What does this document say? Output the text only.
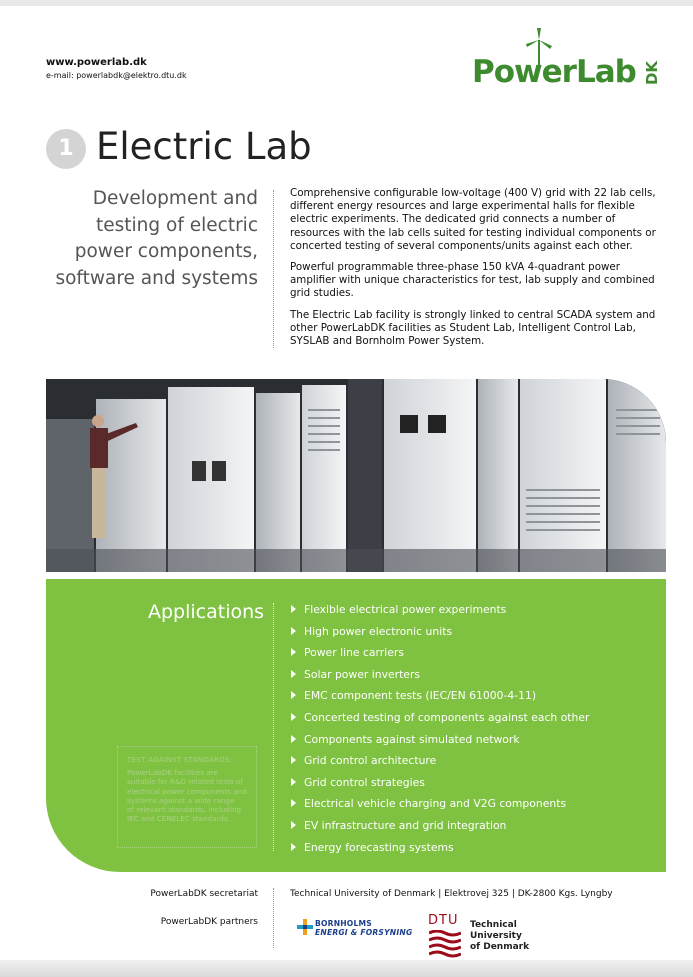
www.powerlab.dk
e-mail: powerlabdk@elektro.dtu.dk	PowerLab DK
1 Electric Lab
Development and testing of electric power components, software and systems

Comprehensive configurable low-voltage (400 V) grid with 22 lab cells, different energy resources and large experimental halls for flexible electric experiments. The dedicated grid connects a number of resources with the lab cells suited for testing individual components or concerted testing of several components/units against each other.

Powerful programmable three-phase 150 kVA 4-quadrant power amplifier with unique characteristics for test, lab supply and combined grid studies.

The Electric Lab facility is strongly linked to central SCADA system and other PowerLabDK facilities as Student Lab, Intelligent Control Lab, SYSLAB and Bornholm Power System.

Applications	Flexible electrical power experiments
High power electronic units
Power line carriers
Solar power inverters
EMC component tests (IEC/EN 61000-4-11)
Concerted testing of components against each other
Components against simulated network
Grid control architecture
Grid control strategies
Electrical vehicle charging and V2G components
EV infrastructure and grid integration
Energy forecasting systems
TEST AGAINST STANDARDS:
PowerLabDK facilities are
suitable for R&D related tests of
electrical power components and
systems against a wide range
of relevant standards, including
IEC and CENELEC standards.
PowerLabDK secretariat	Technical University of Denmark | Elektrovej 325 | DK-2800 Kgs. Lyngby
PowerLabDK partners	BORNHOLMS
ENERGI & FORSYNING
DTU Technical University
of Denmark
